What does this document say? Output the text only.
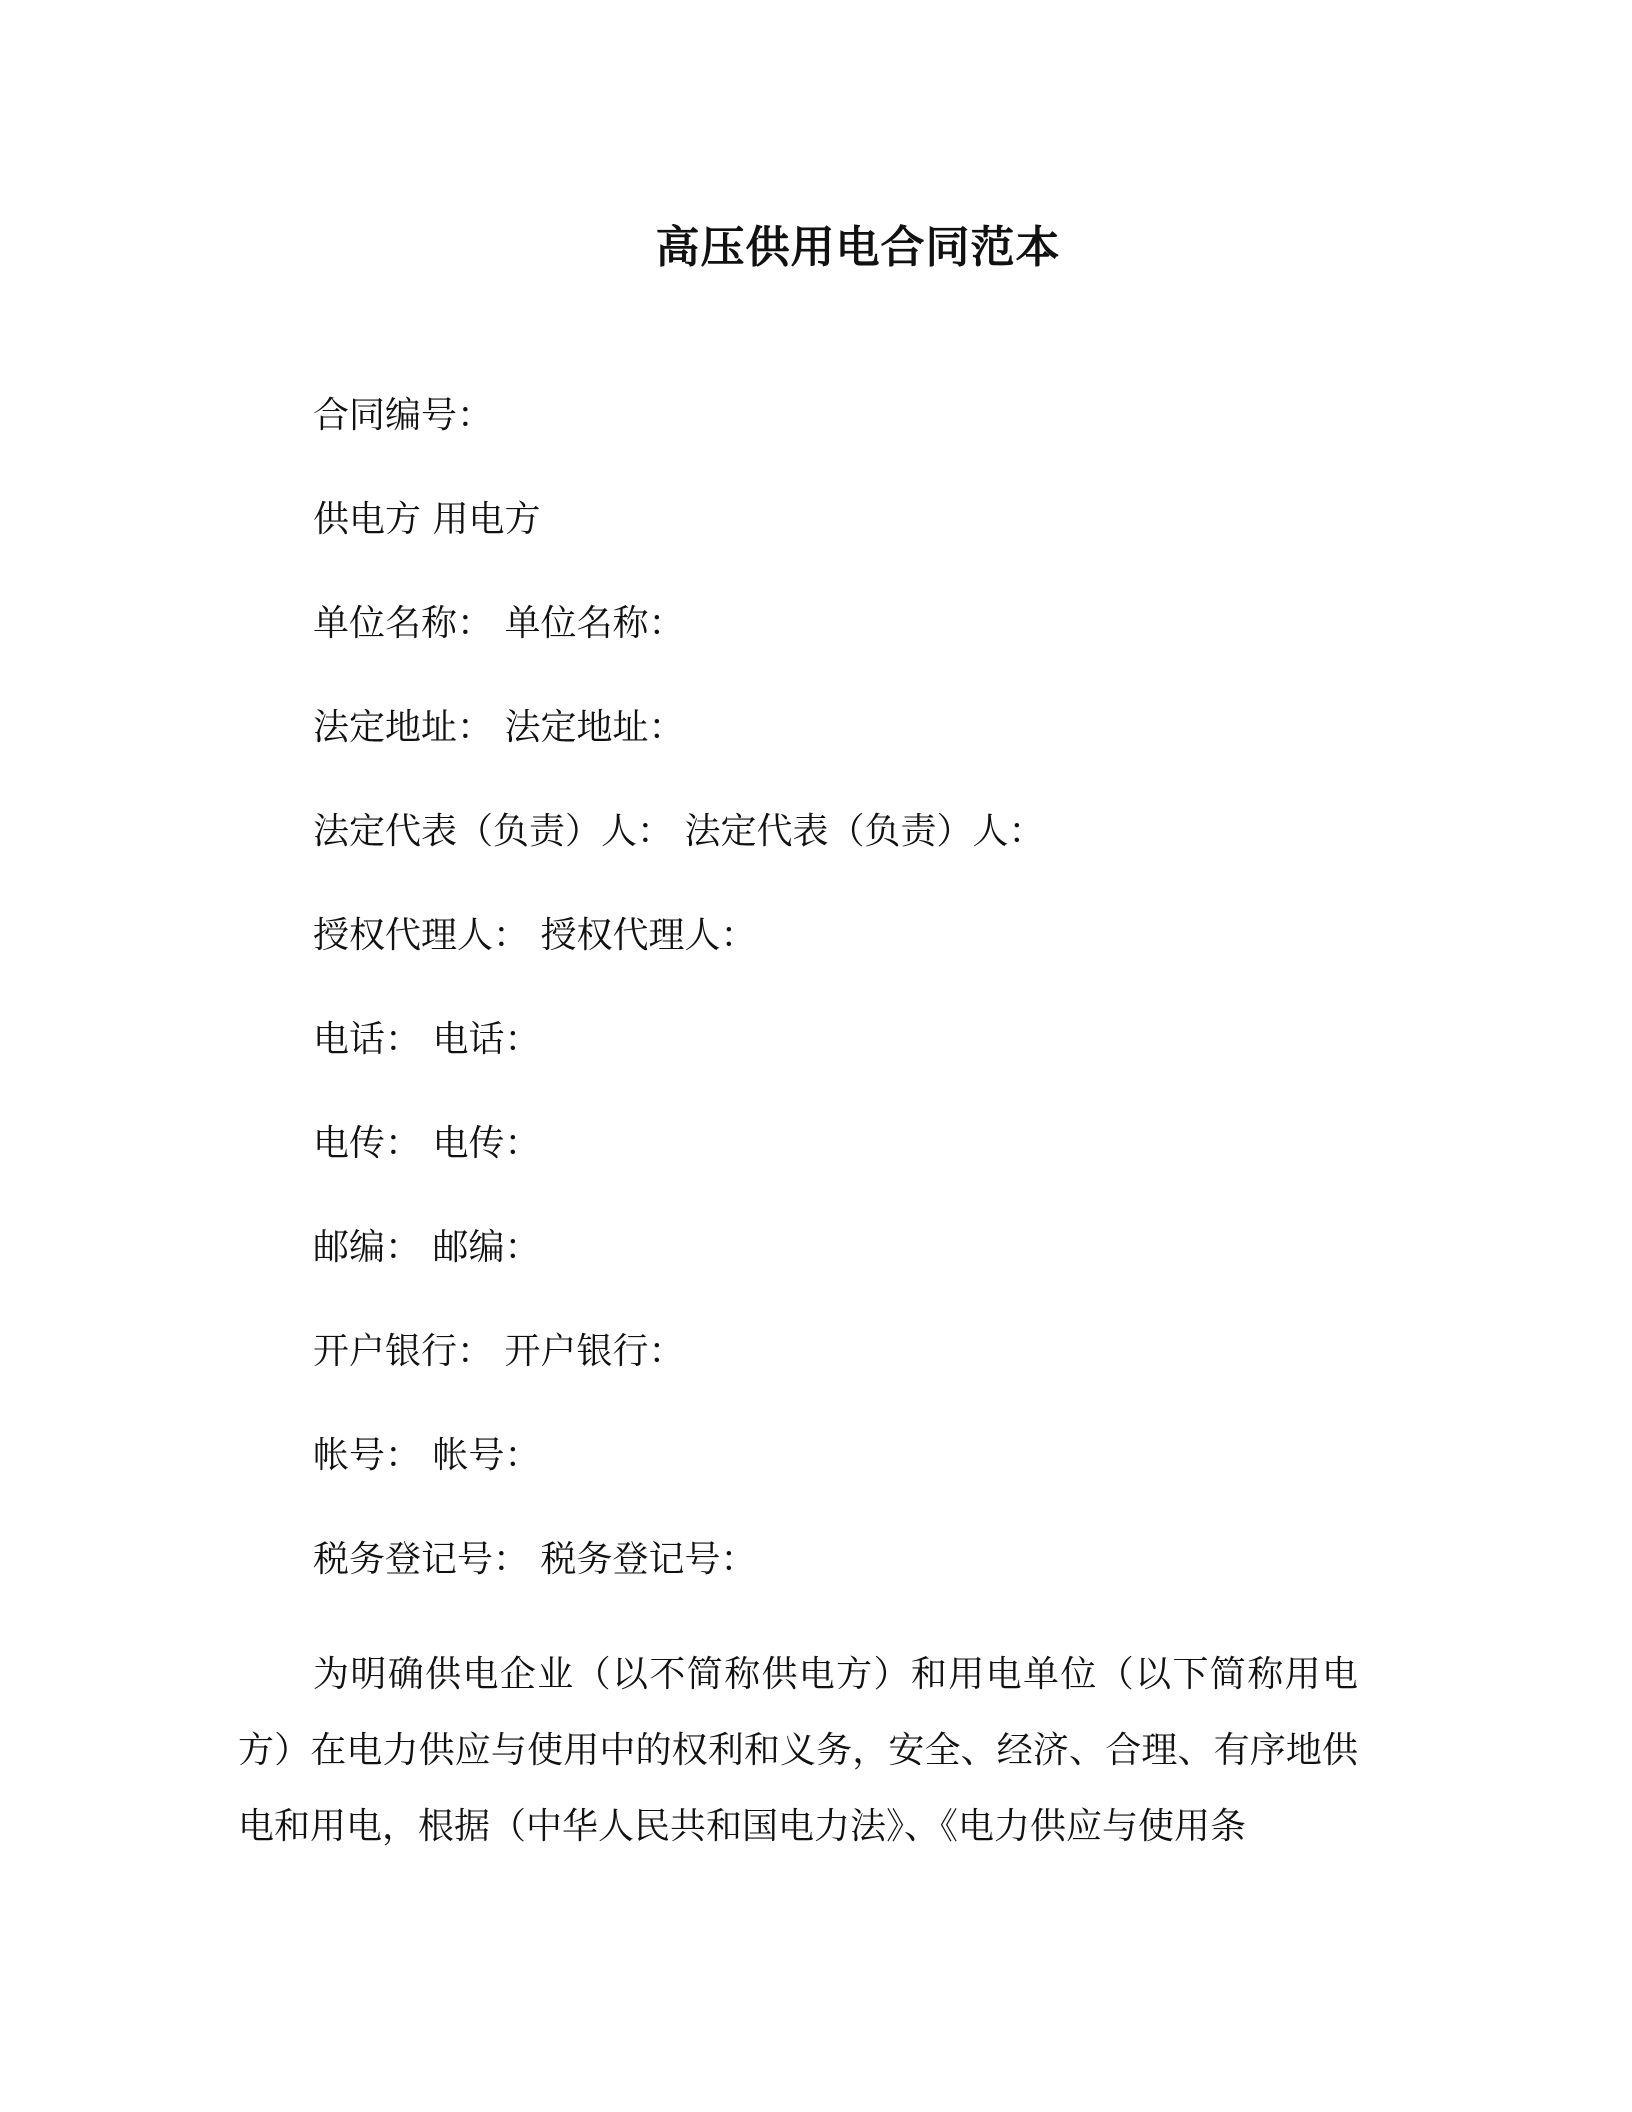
高压供用电合同范本
合同编号：
供电方 用电方
单位名称： 单位名称：
法定地址： 法定地址：
法定代表（负责）人： 法定代表（负责）人：
授权代理人： 授权代理人：
电话： 电话：
电传： 电传：
邮编： 邮编：
开户银行： 开户银行：
帐号： 帐号：
税务登记号： 税务登记号：

为明确供电企业（以不简称供电方）和用电单位（以下简称用电方）在电力供应与使用中的权利和义务，安全、经济、合理、有序地供电和用电，根据（中华人民共和国电力法》、《电力供应与使用条
